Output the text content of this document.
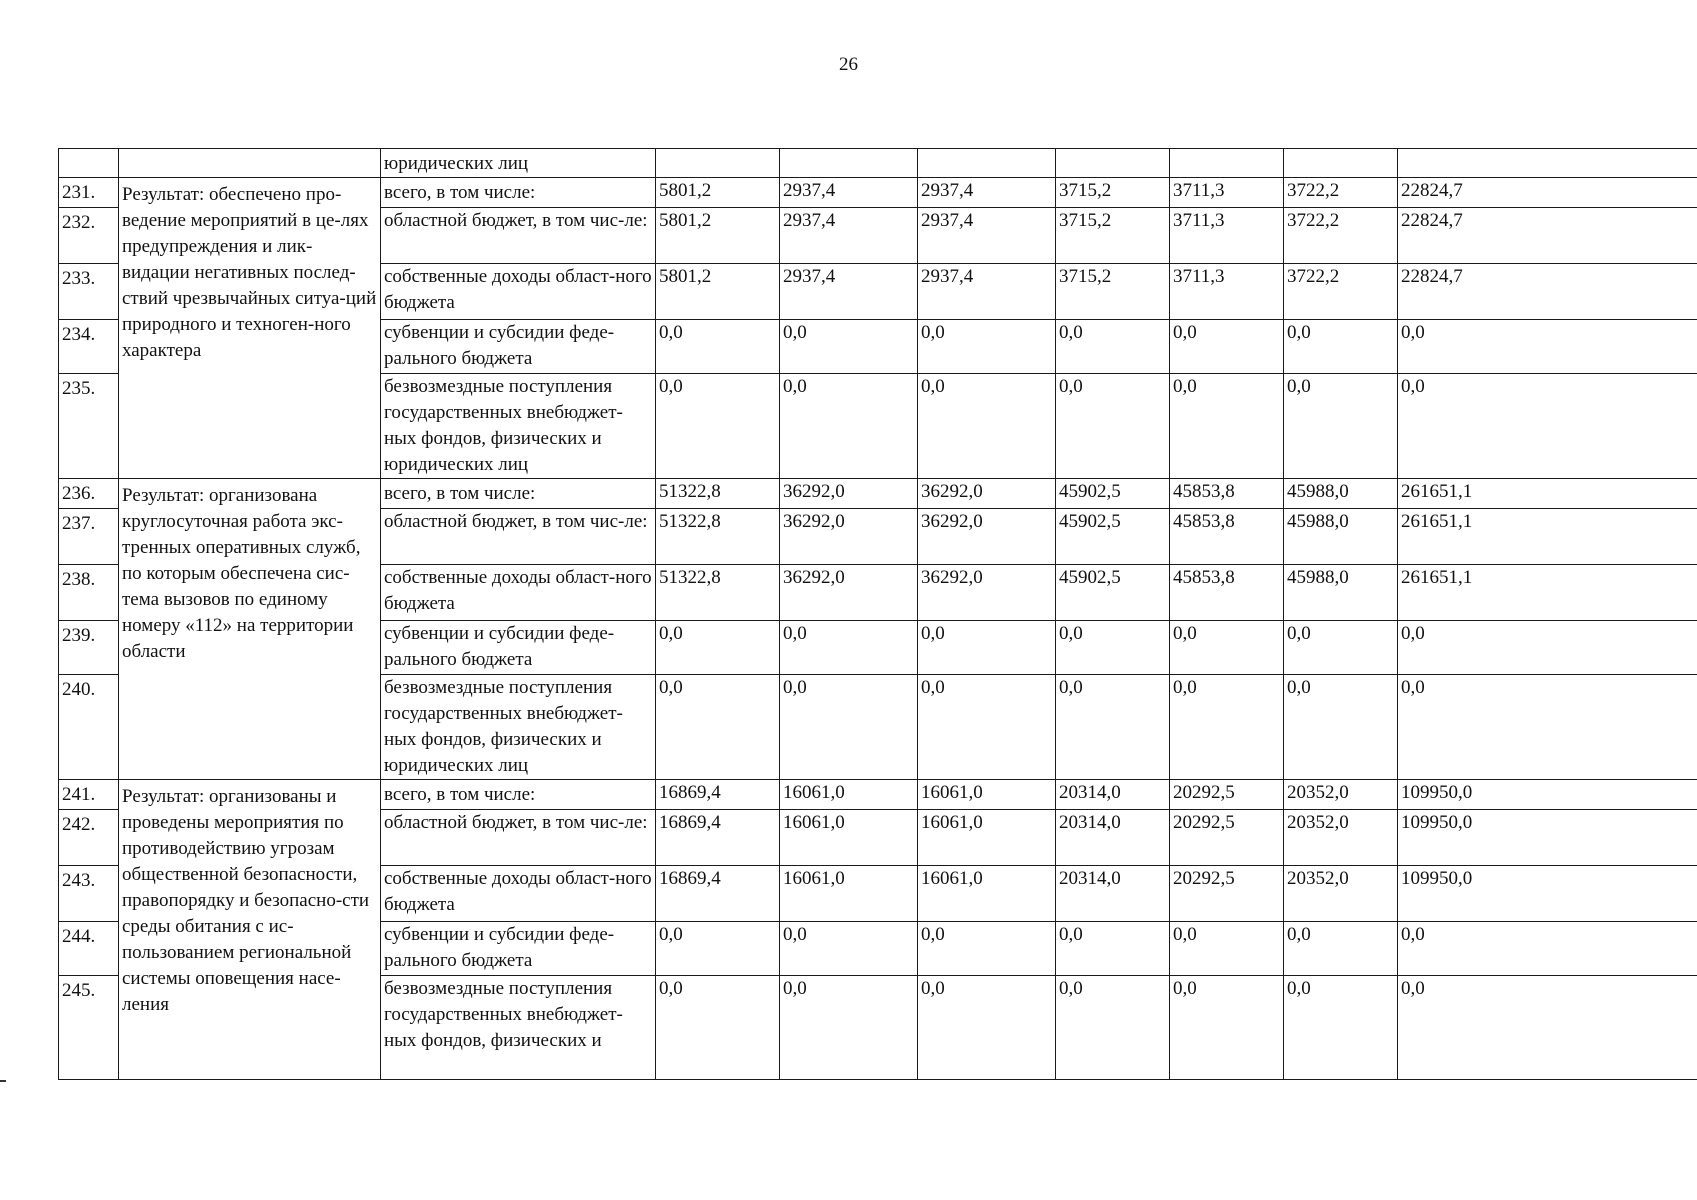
26
		юридических лиц							
231.	Результат: обеспечено про-ведение мероприятий в це-лях предупреждения и лик-видации негативных послед-ствий чрезвычайных ситуа-ций природного и техноген-ного характера	всего, в том числе:	5801,2	2937,4	2937,4	3715,2	3711,3	3722,2	22824,7
232.		областной бюджет, в том чис-ле:	5801,2	2937,4	2937,4	3715,2	3711,3	3722,2	22824,7
233.		собственные доходы област-ного бюджета	5801,2	2937,4	2937,4	3715,2	3711,3	3722,2	22824,7
234.		субвенции и субсидии феде-рального бюджета	0,0	0,0	0,0	0,0	0,0	0,0	0,0
235.		безвозмездные поступления государственных внебюджет-ных фондов, физических и юридических лиц	0,0	0,0	0,0	0,0	0,0	0,0	0,0
236.	Результат: организована круглосуточная работа экс-тренных оперативных служб, по которым обеспечена сис-тема вызовов по единому номеру «112» на территории области	всего, в том числе:	51322,8	36292,0	36292,0	45902,5	45853,8	45988,0	261651,1
237.		областной бюджет, в том чис-ле:	51322,8	36292,0	36292,0	45902,5	45853,8	45988,0	261651,1
238.		собственные доходы област-ного бюджета	51322,8	36292,0	36292,0	45902,5	45853,8	45988,0	261651,1
239.		субвенции и субсидии феде-рального бюджета	0,0	0,0	0,0	0,0	0,0	0,0	0,0
240.		безвозмездные поступления государственных внебюджет-ных фондов, физических и юридических лиц	0,0	0,0	0,0	0,0	0,0	0,0	0,0
241.	Результат: организованы и проведены мероприятия по противодействию угрозам общественной безопасности, правопорядку и безопасно-сти среды обитания с ис-пользованием региональной системы оповещения насе-ления	всего, в том числе:	16869,4	16061,0	16061,0	20314,0	20292,5	20352,0	109950,0
242.		областной бюджет, в том чис-ле:	16869,4	16061,0	16061,0	20314,0	20292,5	20352,0	109950,0
243.		собственные доходы област-ного бюджета	16869,4	16061,0	16061,0	20314,0	20292,5	20352,0	109950,0
244.		субвенции и субсидии феде-рального бюджета	0,0	0,0	0,0	0,0	0,0	0,0	0,0
245.		безвозмездные поступления государственных внебюджет-ных фондов, физических и	0,0	0,0	0,0	0,0	0,0	0,0	0,0
